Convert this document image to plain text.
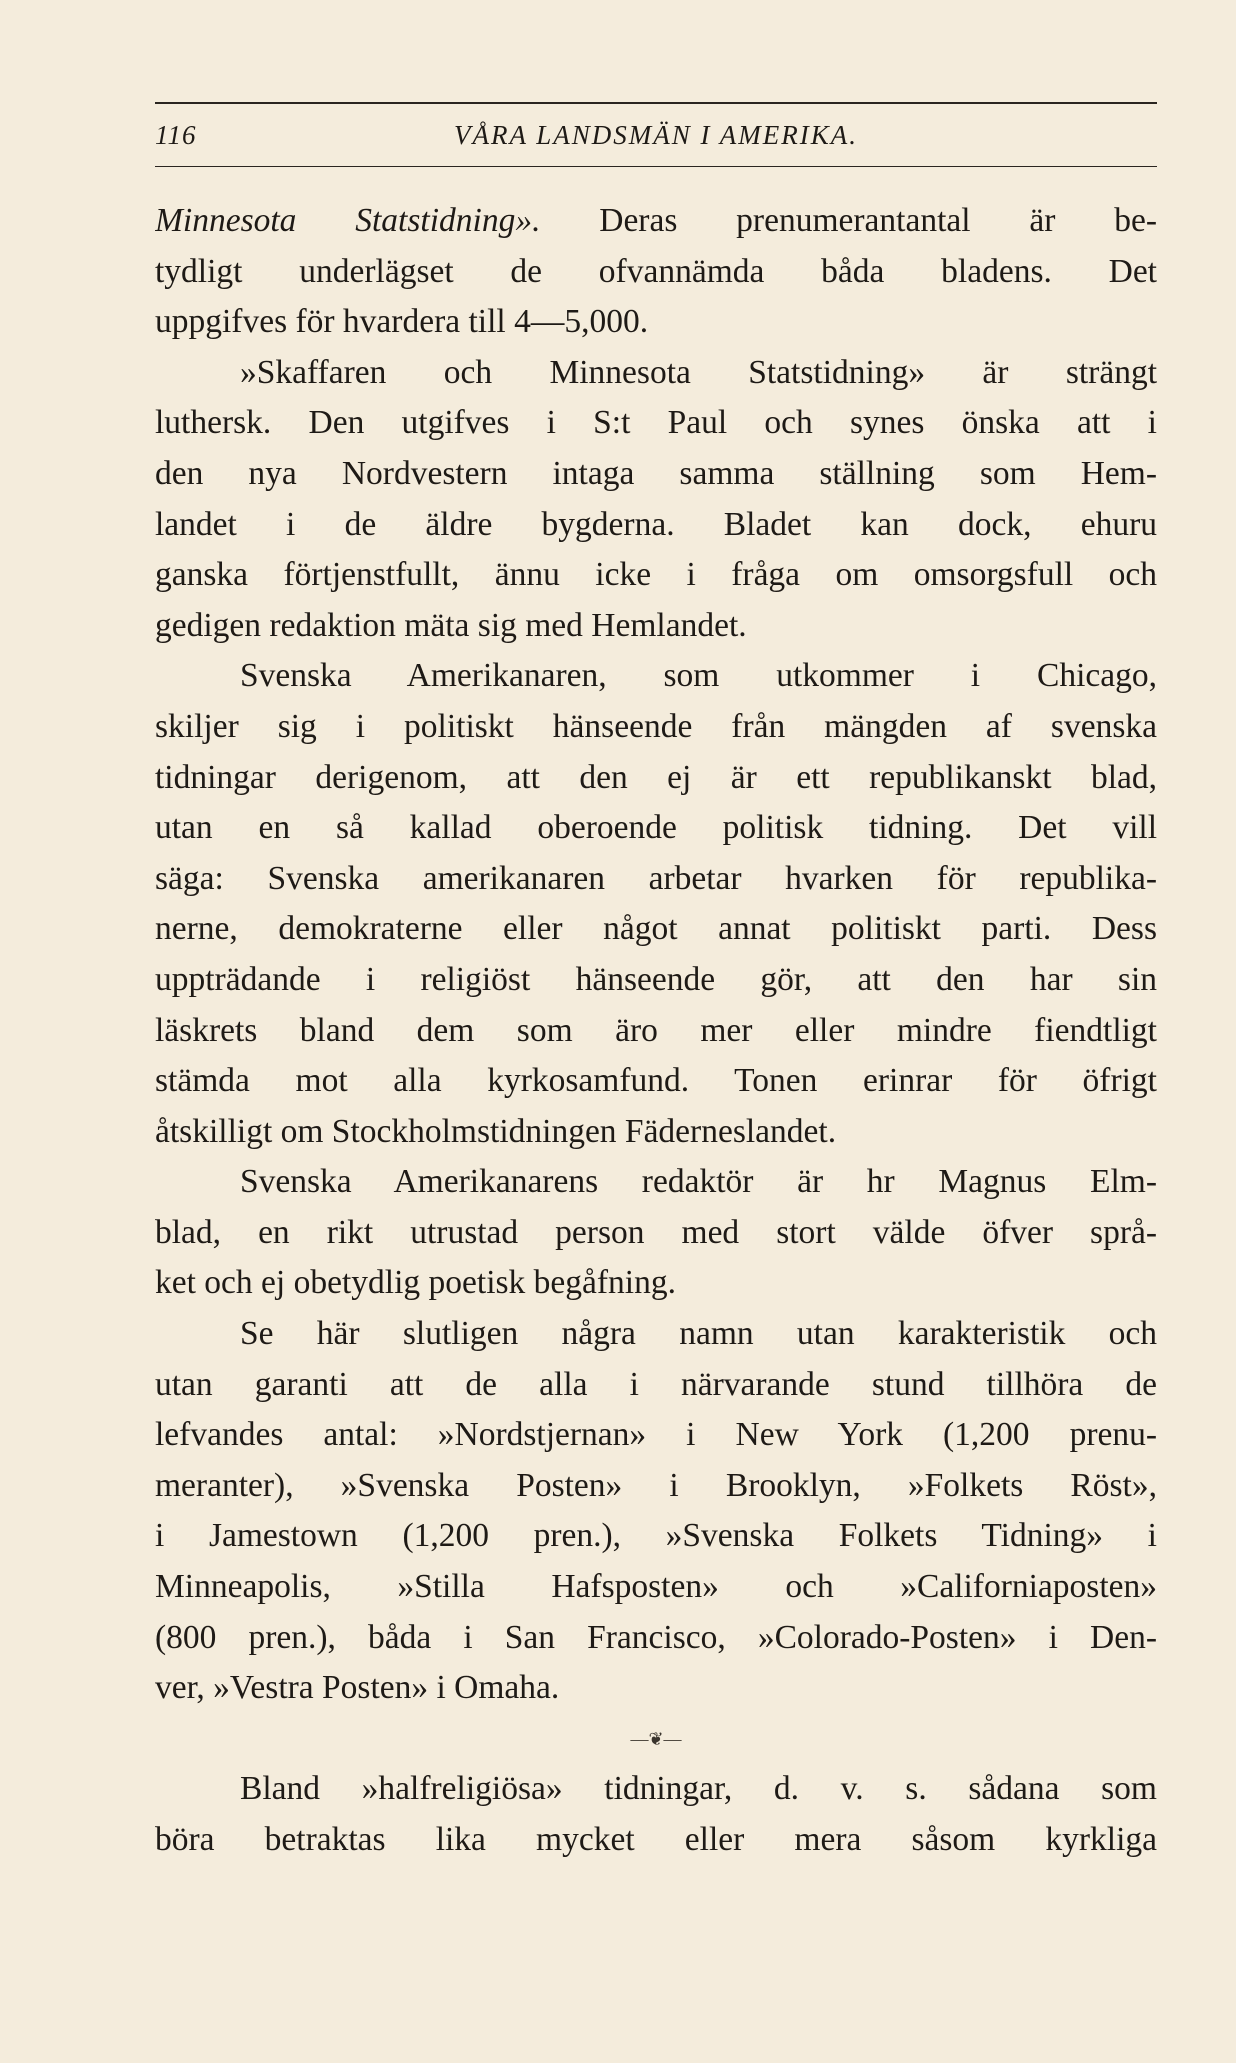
116	VÅRA LANDSMÄN I AMERIKA.
Minnesota Statstidning». Deras prenumerantantal är be-
tydligt underlägset de ofvannämda båda bladens. Det
uppgifves för hvardera till 4—5,000.
»Skaffaren och Minnesota Statstidning» är strängt
luthersk. Den utgifves i S:t Paul och synes önska att i
den nya Nordvestern intaga samma ställning som Hem-
landet i de äldre bygderna. Bladet kan dock, ehuru
ganska förtjenstfullt, ännu icke i fråga om omsorgsfull och
gedigen redaktion mäta sig med Hemlandet.
Svenska Amerikanaren, som utkommer i Chicago,
skiljer sig i politiskt hänseende från mängden af svenska
tidningar derigenom, att den ej är ett republikanskt blad,
utan en så kallad oberoende politisk tidning. Det vill
säga: Svenska amerikanaren arbetar hvarken för republika-
nerne, demokraterne eller något annat politiskt parti. Dess
uppträdande i religiöst hänseende gör, att den har sin
läskrets bland dem som äro mer eller mindre fiendtligt
stämda mot alla kyrkosamfund. Tonen erinrar för öfrigt
åtskilligt om Stockholmstidningen Fädernеslandet.
Svenska Amerikanarens redaktör är hr Magnus Elm-
blad, en rikt utrustad person med stort välde öfver språ-
ket och ej obetydlig poetisk begåfning.
Se här slutligen några namn utan karakteristik och
utan garanti att de alla i närvarande stund tillhöra de
lefvandes antal: »Nordstjernan» i New York (1,200 prenu-
meranter), »Svenska Posten» i Brooklyn, »Folkets Röst»,
i Jamestown (1,200 pren.), »Svenska Folkets Tidning» i
Minneapolis, »Stilla Hafsposten» och »Californiaposten»
(800 pren.), båda i San Francisco, »Colorado-Posten» i Den-
ver, »Vestra Posten» i Omaha.
—❦—
Bland »halfreligiösa» tidningar, d. v. s. sådana som
böra betraktas lika mycket eller mera såsom kyrkliga
